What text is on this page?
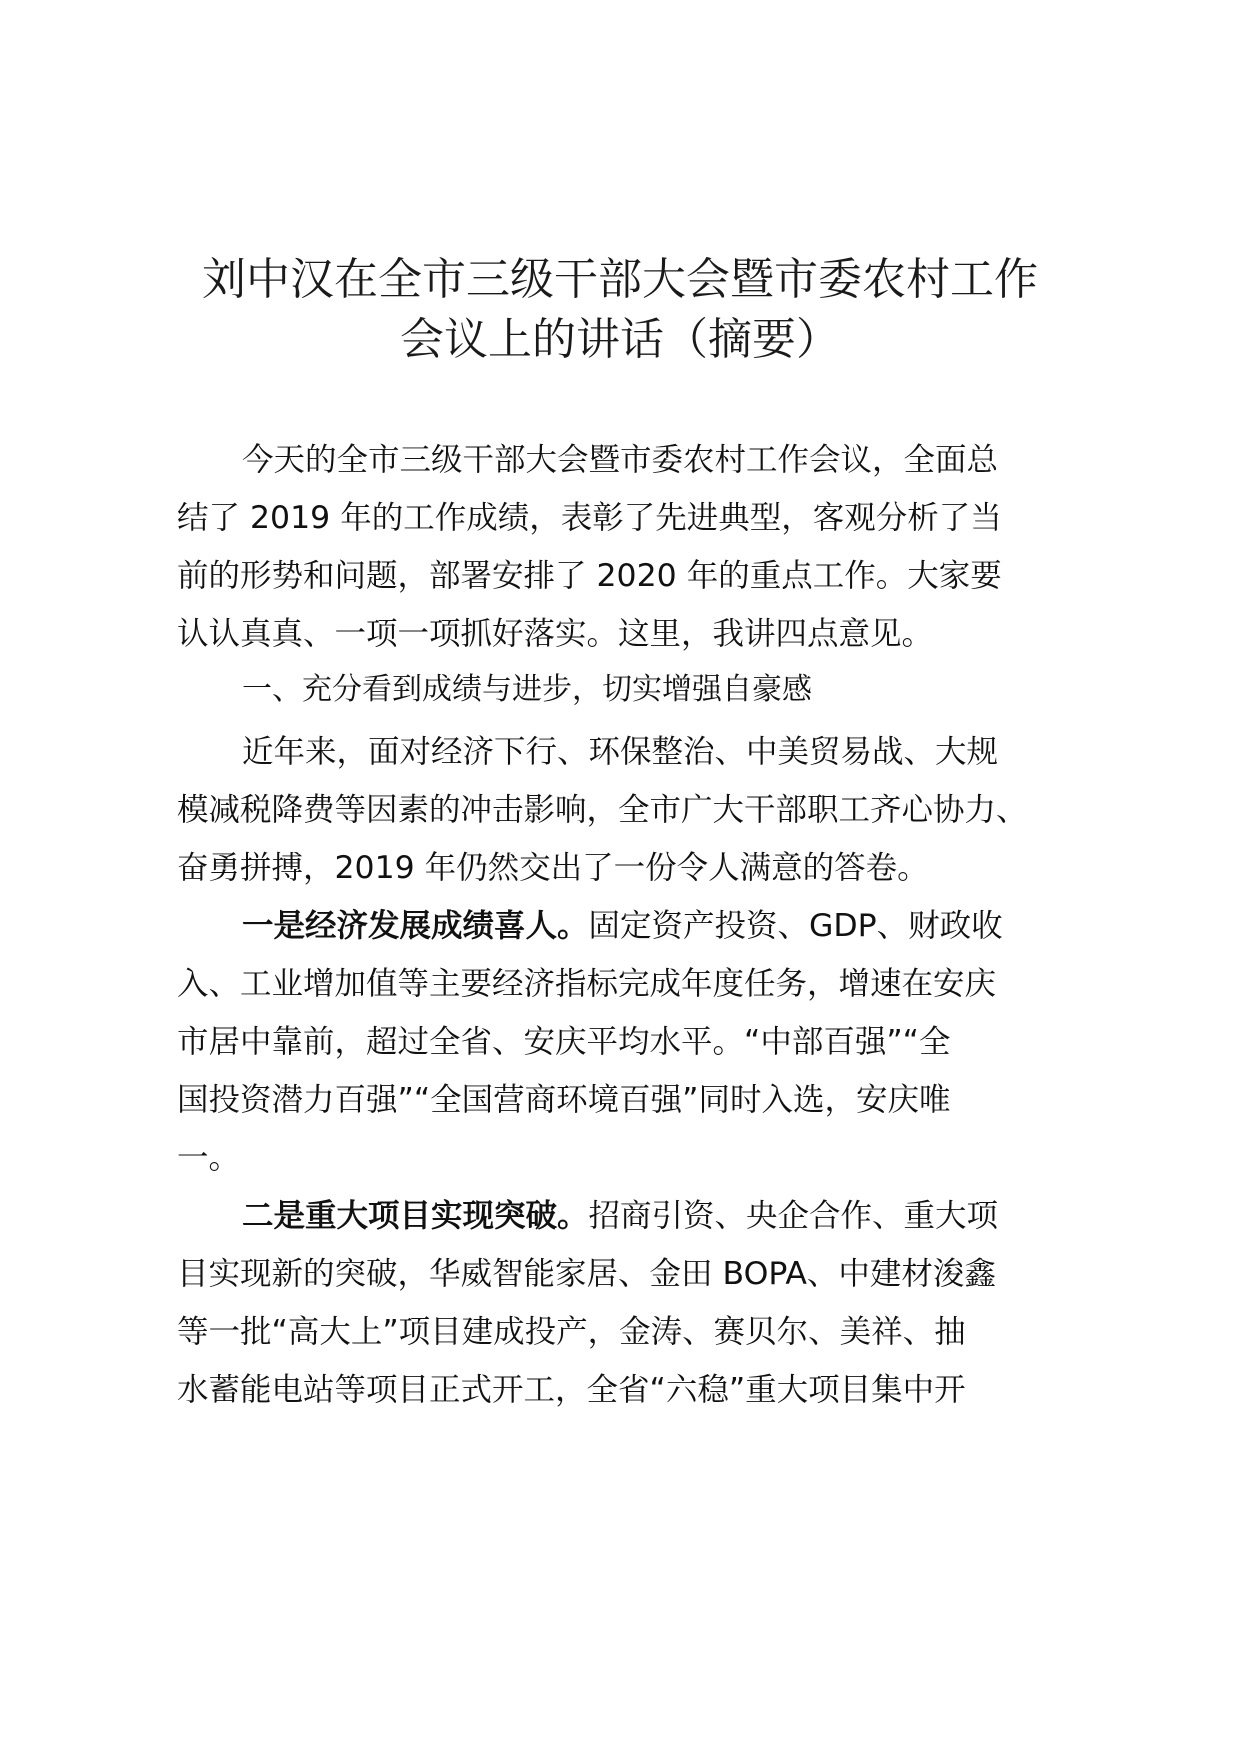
刘中汉在全市三级干部大会暨市委农村工作
会议上的讲话（摘要）
今天的全市三级干部大会暨市委农村工作会议，全面总
结了 2019 年的工作成绩，表彰了先进典型，客观分析了当
前的形势和问题，部署安排了 2020 年的重点工作。大家要
认认真真、一项一项抓好落实。这里，我讲四点意见。
一、充分看到成绩与进步，切实增强自豪感
近年来，面对经济下行、环保整治、中美贸易战、大规
模减税降费等因素的冲击影响，全市广大干部职工齐心协力、
奋勇拼搏，2019 年仍然交出了一份令人满意的答卷。
一是经济发展成绩喜人。固定资产投资、GDP、财政收
入、工业增加值等主要经济指标完成年度任务，增速在安庆
市居中靠前，超过全省、安庆平均水平。“中部百强”“全
国投资潜力百强”“全国营商环境百强”同时入选，安庆唯
一。
二是重大项目实现突破。招商引资、央企合作、重大项
目实现新的突破，华威智能家居、金田 BOPA、中建材浚鑫
等一批“高大上”项目建成投产，金涛、赛贝尔、美祥、抽
水蓄能电站等项目正式开工，全省“六稳”重大项目集中开
